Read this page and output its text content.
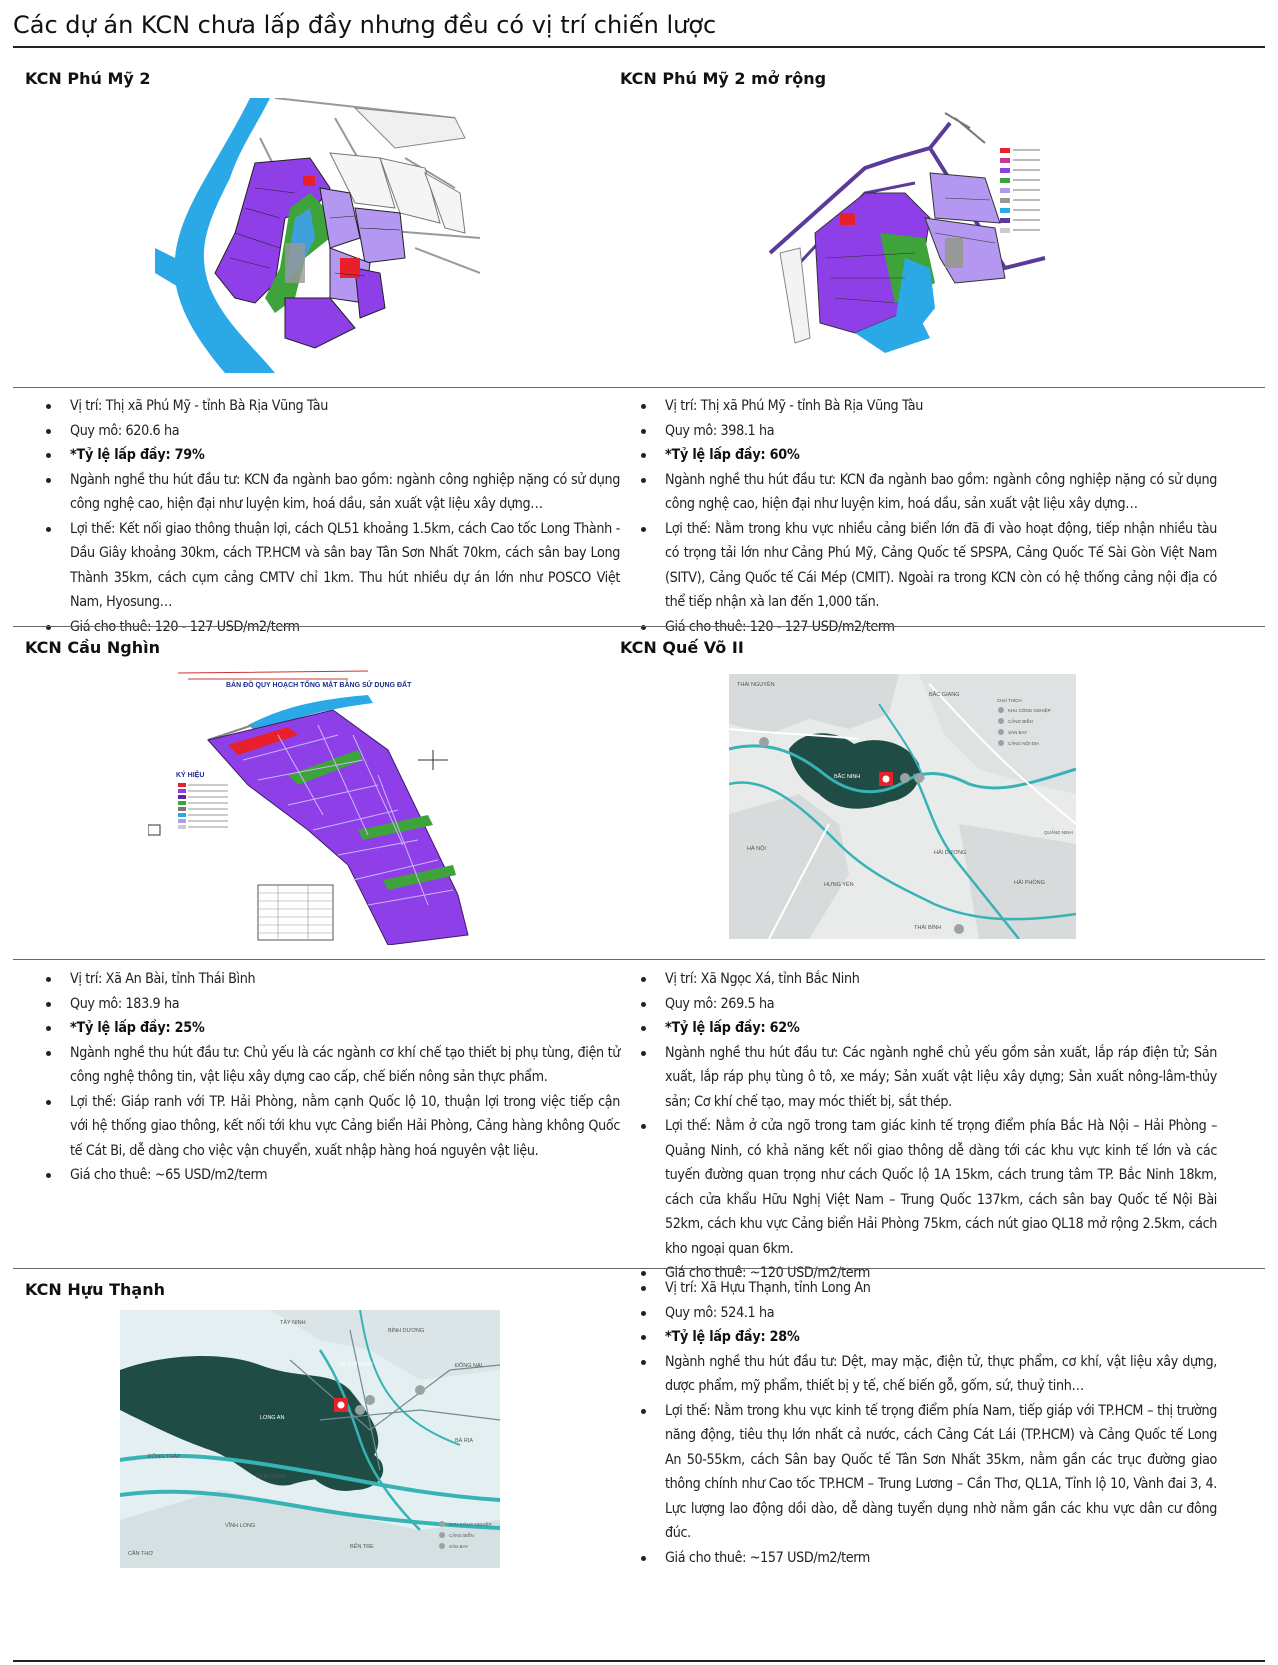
Các dự án KCN chưa lấp đầy nhưng đều có vị trí chiến lược
KCN Phú Mỹ 2	KCN Phú Mỹ 2 mở rộng
Vị trí: Thị xã Phú Mỹ - tỉnh Bà Rịa Vũng Tàu
Quy mô: 620.6 ha
*Tỷ lệ lấp đầy: 79%
Ngành nghề thu hút đầu tư: KCN đa ngành bao gồm: ngành công nghiệp nặng có sử dụng công nghệ cao, hiện đại như luyện kim, hoá dầu, sản xuất vật liệu xây dựng…
Lợi thế: Kết nối giao thông thuận lợi, cách QL51 khoảng 1.5km, cách Cao tốc Long Thành - Dầu Giây khoảng 30km, cách TP.HCM và sân bay Tân Sơn Nhất 70km, cách sân bay Long Thành 35km, cách cụm cảng CMTV chỉ 1km. Thu hút nhiều dự án lớn như POSCO Việt Nam, Hyosung…
Giá cho thuê: 120 - 127 USD/m2/term
Vị trí: Thị xã Phú Mỹ - tỉnh Bà Rịa Vũng Tàu
Quy mô: 398.1 ha
*Tỷ lệ lấp đầy: 60%
Ngành nghề thu hút đầu tư: KCN đa ngành bao gồm: ngành công nghiệp nặng có sử dụng công nghệ cao, hiện đại như luyện kim, hoá dầu, sản xuất vật liệu xây dựng…
Lợi thế: Nằm trong khu vực nhiều cảng biển lớn đã đi vào hoạt động, tiếp nhận nhiều tàu có trọng tải lớn như Cảng Phú Mỹ, Cảng Quốc tế SPSPA, Cảng Quốc Tế Sài Gòn Việt Nam (SITV), Cảng Quốc tế Cái Mép (CMIT). Ngoài ra trong KCN còn có hệ thống cảng nội địa có thể tiếp nhận xà lan đến 1,000 tấn.
Giá cho thuê: 120 - 127 USD/m2/term
KCN Cầu Nghìn
BẢN ĐỒ QUY HOẠCH TỔNG MẶT BẰNG SỬ DỤNG ĐẤT
KÝ HIỆU
KCN Quế Võ II
THÁI NGUYÊN
BẮC GIANG
BẮC NINH
HÀ NỘI
HẢI DƯƠNG
HƯNG YÊN	HẢI PHÒNG
THÁI BÌNH
QUẢNG NINH
CHÚ THÍCH
KHU CÔNG NGHIỆP
CẢNG BIỂN
SÂN BAY
CẢNG NỘI ĐỊA
Vị trí: Xã An Bài, tỉnh Thái Bình
Quy mô: 183.9 ha
*Tỷ lệ lấp đầy: 25%
Ngành nghề thu hút đầu tư: Chủ yếu là các ngành cơ khí chế tạo thiết bị phụ tùng, điện tử công nghệ thông tin, vật liệu xây dựng cao cấp, chế biến nông sản thực phẩm.
Lợi thế: Giáp ranh với TP. Hải Phòng, nằm cạnh Quốc lộ 10, thuận lợi trong việc tiếp cận với hệ thống giao thông, kết nối tới khu vực Cảng biển Hải Phòng, Cảng hàng không Quốc tế Cát Bi, dễ dàng cho việc vận chuyển, xuất nhập hàng hoá nguyên vật liệu.
Giá cho thuê: ~65 USD/m2/term
Vị trí: Xã Ngọc Xá, tỉnh Bắc Ninh
Quy mô: 269.5 ha
*Tỷ lệ lấp đầy: 62%
Ngành nghề thu hút đầu tư: Các ngành nghề chủ yếu gồm sản xuất, lắp ráp điện tử; Sản xuất, lắp ráp phụ tùng ô tô, xe máy; Sản xuất vật liệu xây dựng; Sản xuất nông-lâm-thủy sản; Cơ khí chế tạo, may móc thiết bị, sắt thép.
Lợi thế: Nằm ở cửa ngõ trong tam giác kinh tế trọng điểm phía Bắc Hà Nội – Hải Phòng – Quảng Ninh, có khả năng kết nối giao thông dễ dàng tới các khu vực kinh tế lớn và các tuyến đường quan trọng như cách Quốc lộ 1A 15km, cách trung tâm TP. Bắc Ninh 18km, cách cửa khẩu Hữu Nghị Việt Nam – Trung Quốc 137km, cách sân bay Quốc tế Nội Bài 52km, cách khu vực Cảng biển Hải Phòng 75km, cách nút giao QL18 mở rộng 2.5km, cách kho ngoại quan 6km.
Giá cho thuê: ~120 USD/m2/term
KCN Hựu Thạnh
TÂY NINH
BÌNH DƯƠNG
HỒ CHÍ MINH	ĐỒNG NAI
LONG AN
TIỀN GIANG
ĐỒNG THÁP
VĨNH LONG
BẾN TRE
CẦN THƠ
BÀ RỊA
KHU CÔNG NGHIỆP
CẢNG BIỂN
SÂN BAY
Vị trí: Xã Hựu Thạnh, tỉnh Long An
Quy mô: 524.1 ha
*Tỷ lệ lấp đầy: 28%
Ngành nghề thu hút đầu tư: Dệt, may mặc, điện tử, thực phẩm, cơ khí, vật liệu xây dựng, dược phẩm, mỹ phẩm, thiết bị y tế, chế biến gỗ, gốm, sứ, thuỷ tinh…
Lợi thế: Nằm trong khu vực kinh tế trọng điểm phía Nam, tiếp giáp với TP.HCM – thị trường năng động, tiêu thụ lớn nhất cả nước, cách Cảng Cát Lái (TP.HCM) và Cảng Quốc tế Long An 50-55km, cách Sân bay Quốc tế Tân Sơn Nhất 35km, nằm gần các trục đường giao thông chính như Cao tốc TP.HCM – Trung Lương – Cần Thơ, QL1A, Tỉnh lộ 10, Vành đai 3, 4. Lực lượng lao động dồi dào, dễ dàng tuyển dụng nhờ nằm gần các khu vực dân cư đông đúc.
Giá cho thuê: ~157 USD/m2/term
